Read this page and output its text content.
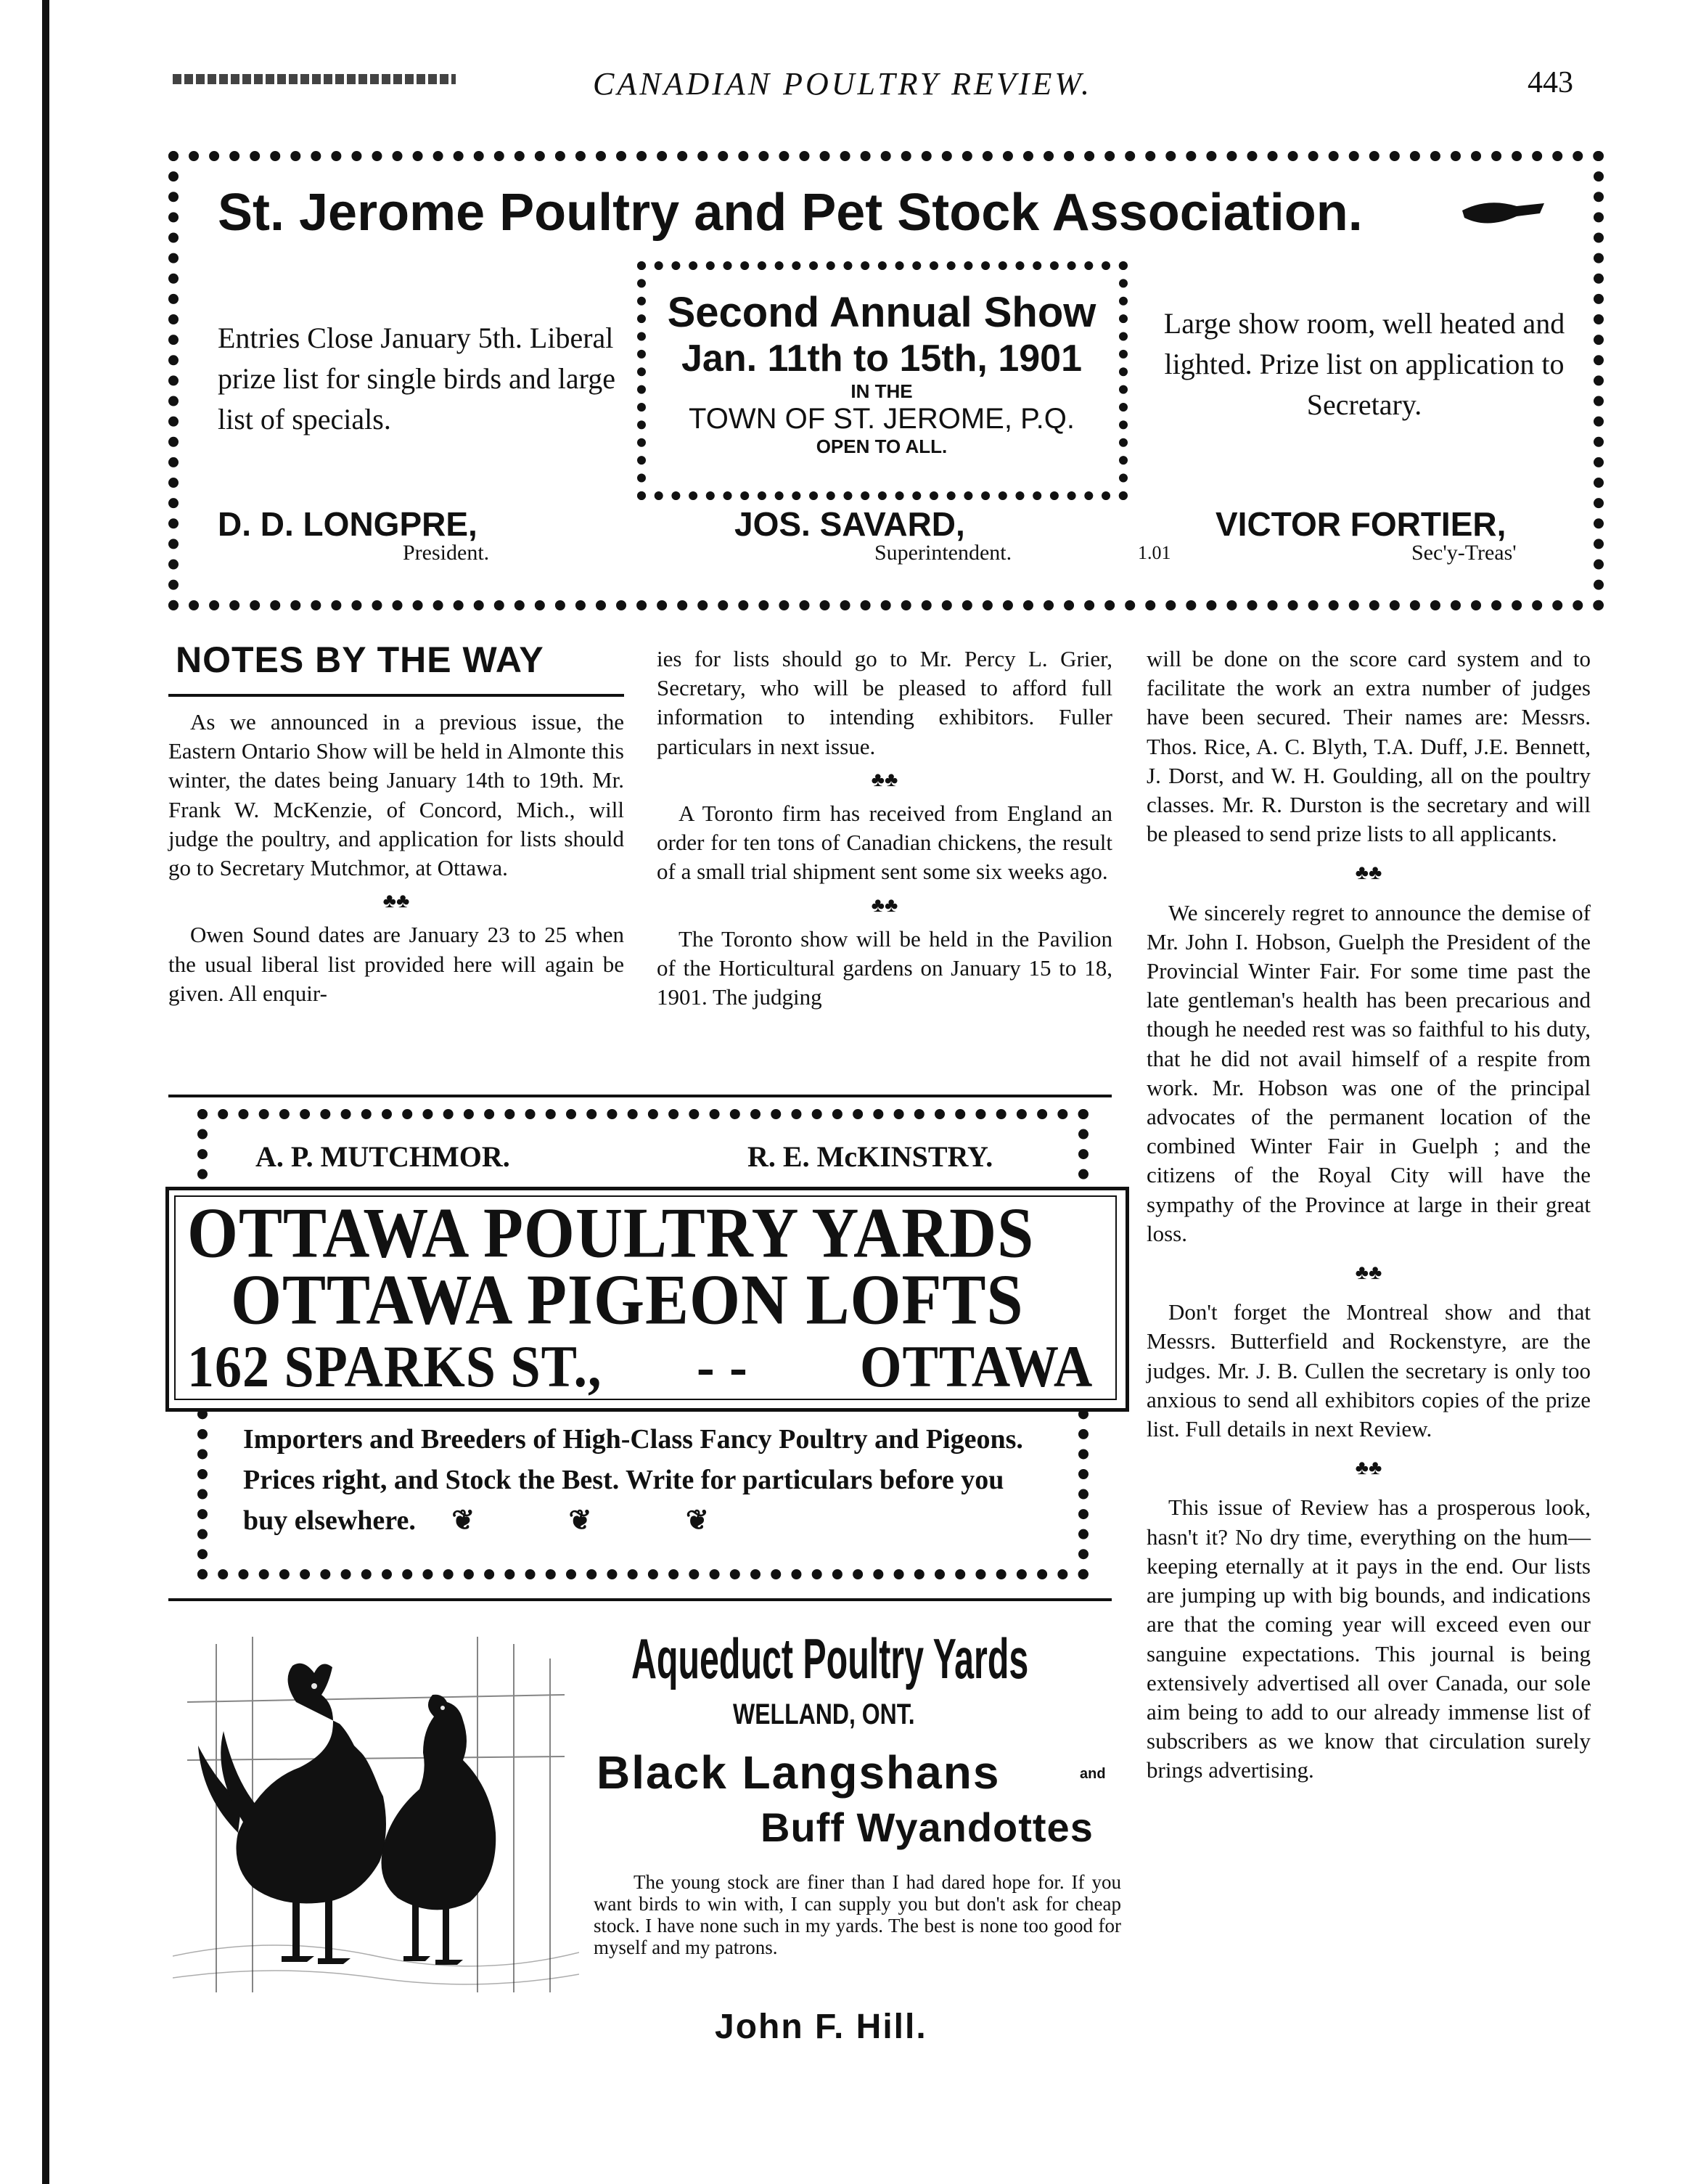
CANADIAN POULTRY REVIEW.	443
St. Jerome Poultry and Pet Stock Association.
Entries Close January 5th. Liberal prize list for single birds and large list of specials.
Second Annual Show
Jan. 11th to 15th, 1901
IN THE
TOWN OF ST. JEROME, P.Q.
OPEN TO ALL.
Large show room, well heated and lighted. Prize list on application to Secretary.
D. D. LONGPRE,
President.
JOS. SAVARD,
Superintendent.	1.01
VICTOR FORTIER,
Sec'y-Treas'
NOTES BY THE WAY

As we announced in a previous issue, the Eastern Ontario Show will be held in Almonte this winter, the dates being January 14th to 19th. Mr. Frank W. McKenzie, of Concord, Mich., will judge the poultry, and application for lists should go to Secretary Mutchmor, at Ottawa.

♣♣

Owen Sound dates are January 23 to 25 when the usual liberal list provided here will again be given. All enquir-

ies for lists should go to Mr. Percy L. Grier, Secretary, who will be pleased to afford full information to intending exhibitors. Fuller particulars in next issue.

♣♣

A Toronto firm has received from England an order for ten tons of Canadian chickens, the result of a small trial shipment sent some six weeks ago.

♣♣

The Toronto show will be held in the Pavilion of the Horticultural gardens on January 15 to 18, 1901. The judging

will be done on the score card system and to facilitate the work an extra number of judges have been secured. Their names are: Messrs. Thos. Rice, A. C. Blyth, T.A. Duff, J.E. Bennett, J. Dorst, and W. H. Goulding, all on the poultry classes. Mr. R. Durston is the secretary and will be pleased to send prize lists to all applicants.

♣♣

We sincerely regret to announce the demise of Mr. John I. Hobson, Guelph the President of the Provincial Winter Fair. For some time past the late gentleman's health has been precarious and though he needed rest was so faithful to his duty, that he did not avail himself of a respite from work. Mr. Hobson was one of the principal advocates of the permanent location of the combined Winter Fair in Guelph ; and the citizens of the Royal City will have the sympathy of the Province at large in their great loss.

♣♣

Don't forget the Montreal show and that Messrs. Butterfield and Rockenstyre, are the judges. Mr. J. B. Cullen the secretary is only too anxious to send all exhibitors copies of the prize list. Full details in next Review.

♣♣

This issue of Review has a prosperous look, hasn't it? No dry time, everything on the hum—keeping eternally at it pays in the end. Our lists are jumping up with big bounds, and indications are that the coming year will exceed even our sanguine expectations. This journal is being extensively advertised all over Canada, our sole aim being to add to our already immense list of subscribers as we know that circulation surely brings advertising.

A. P. MUTCHMOR.	R. E. McKINSTRY.
OTTAWA POULTRY YARDS
OTTAWA PIGEON LOFTS
162 SPARKS ST., - - OTTAWA
Importers and Breeders of High-Class Fancy Poultry and Pigeons. Prices right, and Stock the Best. Write for particulars before you buy elsewhere. ❦ ❦ ❦
Aqueduct Poultry Yards
WELLAND, ONT.
Black Langshans	and
Buff Wyandottes
The young stock are finer than I had dared hope for. If you want birds to win with, I can supply you but don't ask for cheap stock. I have none such in my yards. The best is none too good for myself and my patrons.
John F. Hill.
